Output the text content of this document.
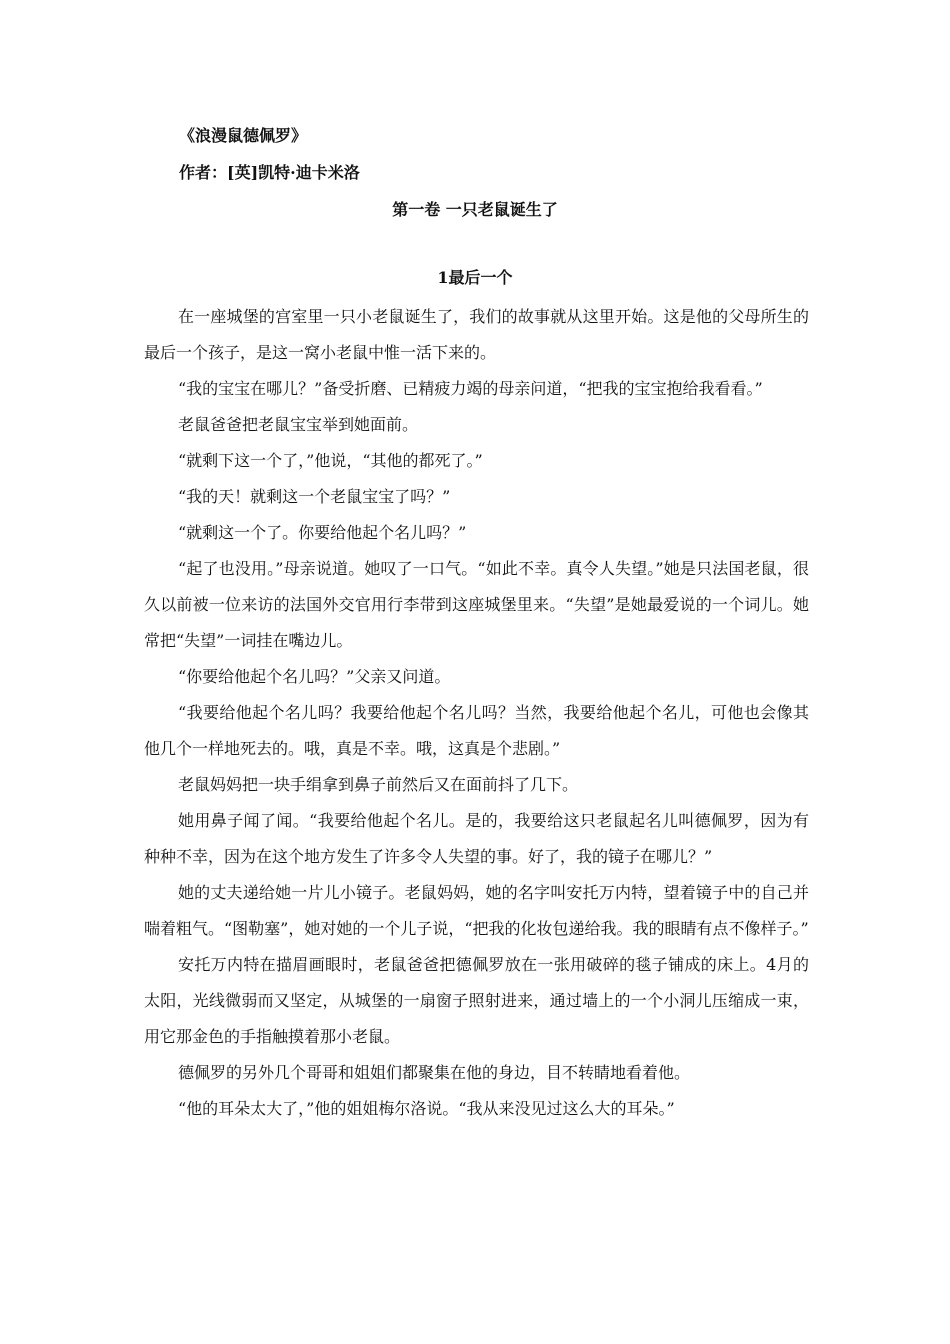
《浪漫鼠德佩罗》
作者：[英]凯特·迪卡米洛
第一卷 一只老鼠诞生了
1最后一个

在一座城堡的宫室里一只小老鼠诞生了，我们的故事就从这里开始。这是他的父母所生的最后一个孩子，是这一窝小老鼠中惟一活下来的。

“我的宝宝在哪儿？”备受折磨、已精疲力竭的母亲问道，“把我的宝宝抱给我看看。”

老鼠爸爸把老鼠宝宝举到她面前。

“就剩下这一个了，”他说，“其他的都死了。”

“我的天！就剩这一个老鼠宝宝了吗？”

“就剩这一个了。你要给他起个名儿吗？”

“起了也没用。”母亲说道。她叹了一口气。“如此不幸。真令人失望。”她是只法国老鼠，很久以前被一位来访的法国外交官用行李带到这座城堡里来。“失望”是她最爱说的一个词儿。她常把“失望”一词挂在嘴边儿。

“你要给他起个名儿吗？”父亲又问道。

“我要给他起个名儿吗？我要给他起个名儿吗？当然，我要给他起个名儿，可他也会像其他几个一样地死去的。哦，真是不幸。哦，这真是个悲剧。”

老鼠妈妈把一块手绢拿到鼻子前然后又在面前抖了几下。

她用鼻子闻了闻。“我要给他起个名儿。是的，我要给这只老鼠起名儿叫德佩罗，因为有种种不幸，因为在这个地方发生了许多令人失望的事。好了，我的镜子在哪儿？”

她的丈夫递给她一片儿小镜子。老鼠妈妈，她的名字叫安托万内特，望着镜子中的自己并喘着粗气。“图勒塞”，她对她的一个儿子说，“把我的化妆包递给我。我的眼睛有点不像样子。”

安托万内特在描眉画眼时，老鼠爸爸把德佩罗放在一张用破碎的毯子铺成的床上。4月的太阳，光线微弱而又坚定，从城堡的一扇窗子照射进来，通过墙上的一个小洞儿压缩成一束，用它那金色的手指触摸着那小老鼠。

德佩罗的另外几个哥哥和姐姐们都聚集在他的身边，目不转睛地看着他。

“他的耳朵太大了，”他的姐姐梅尔洛说。“我从来没见过这么大的耳朵。”
